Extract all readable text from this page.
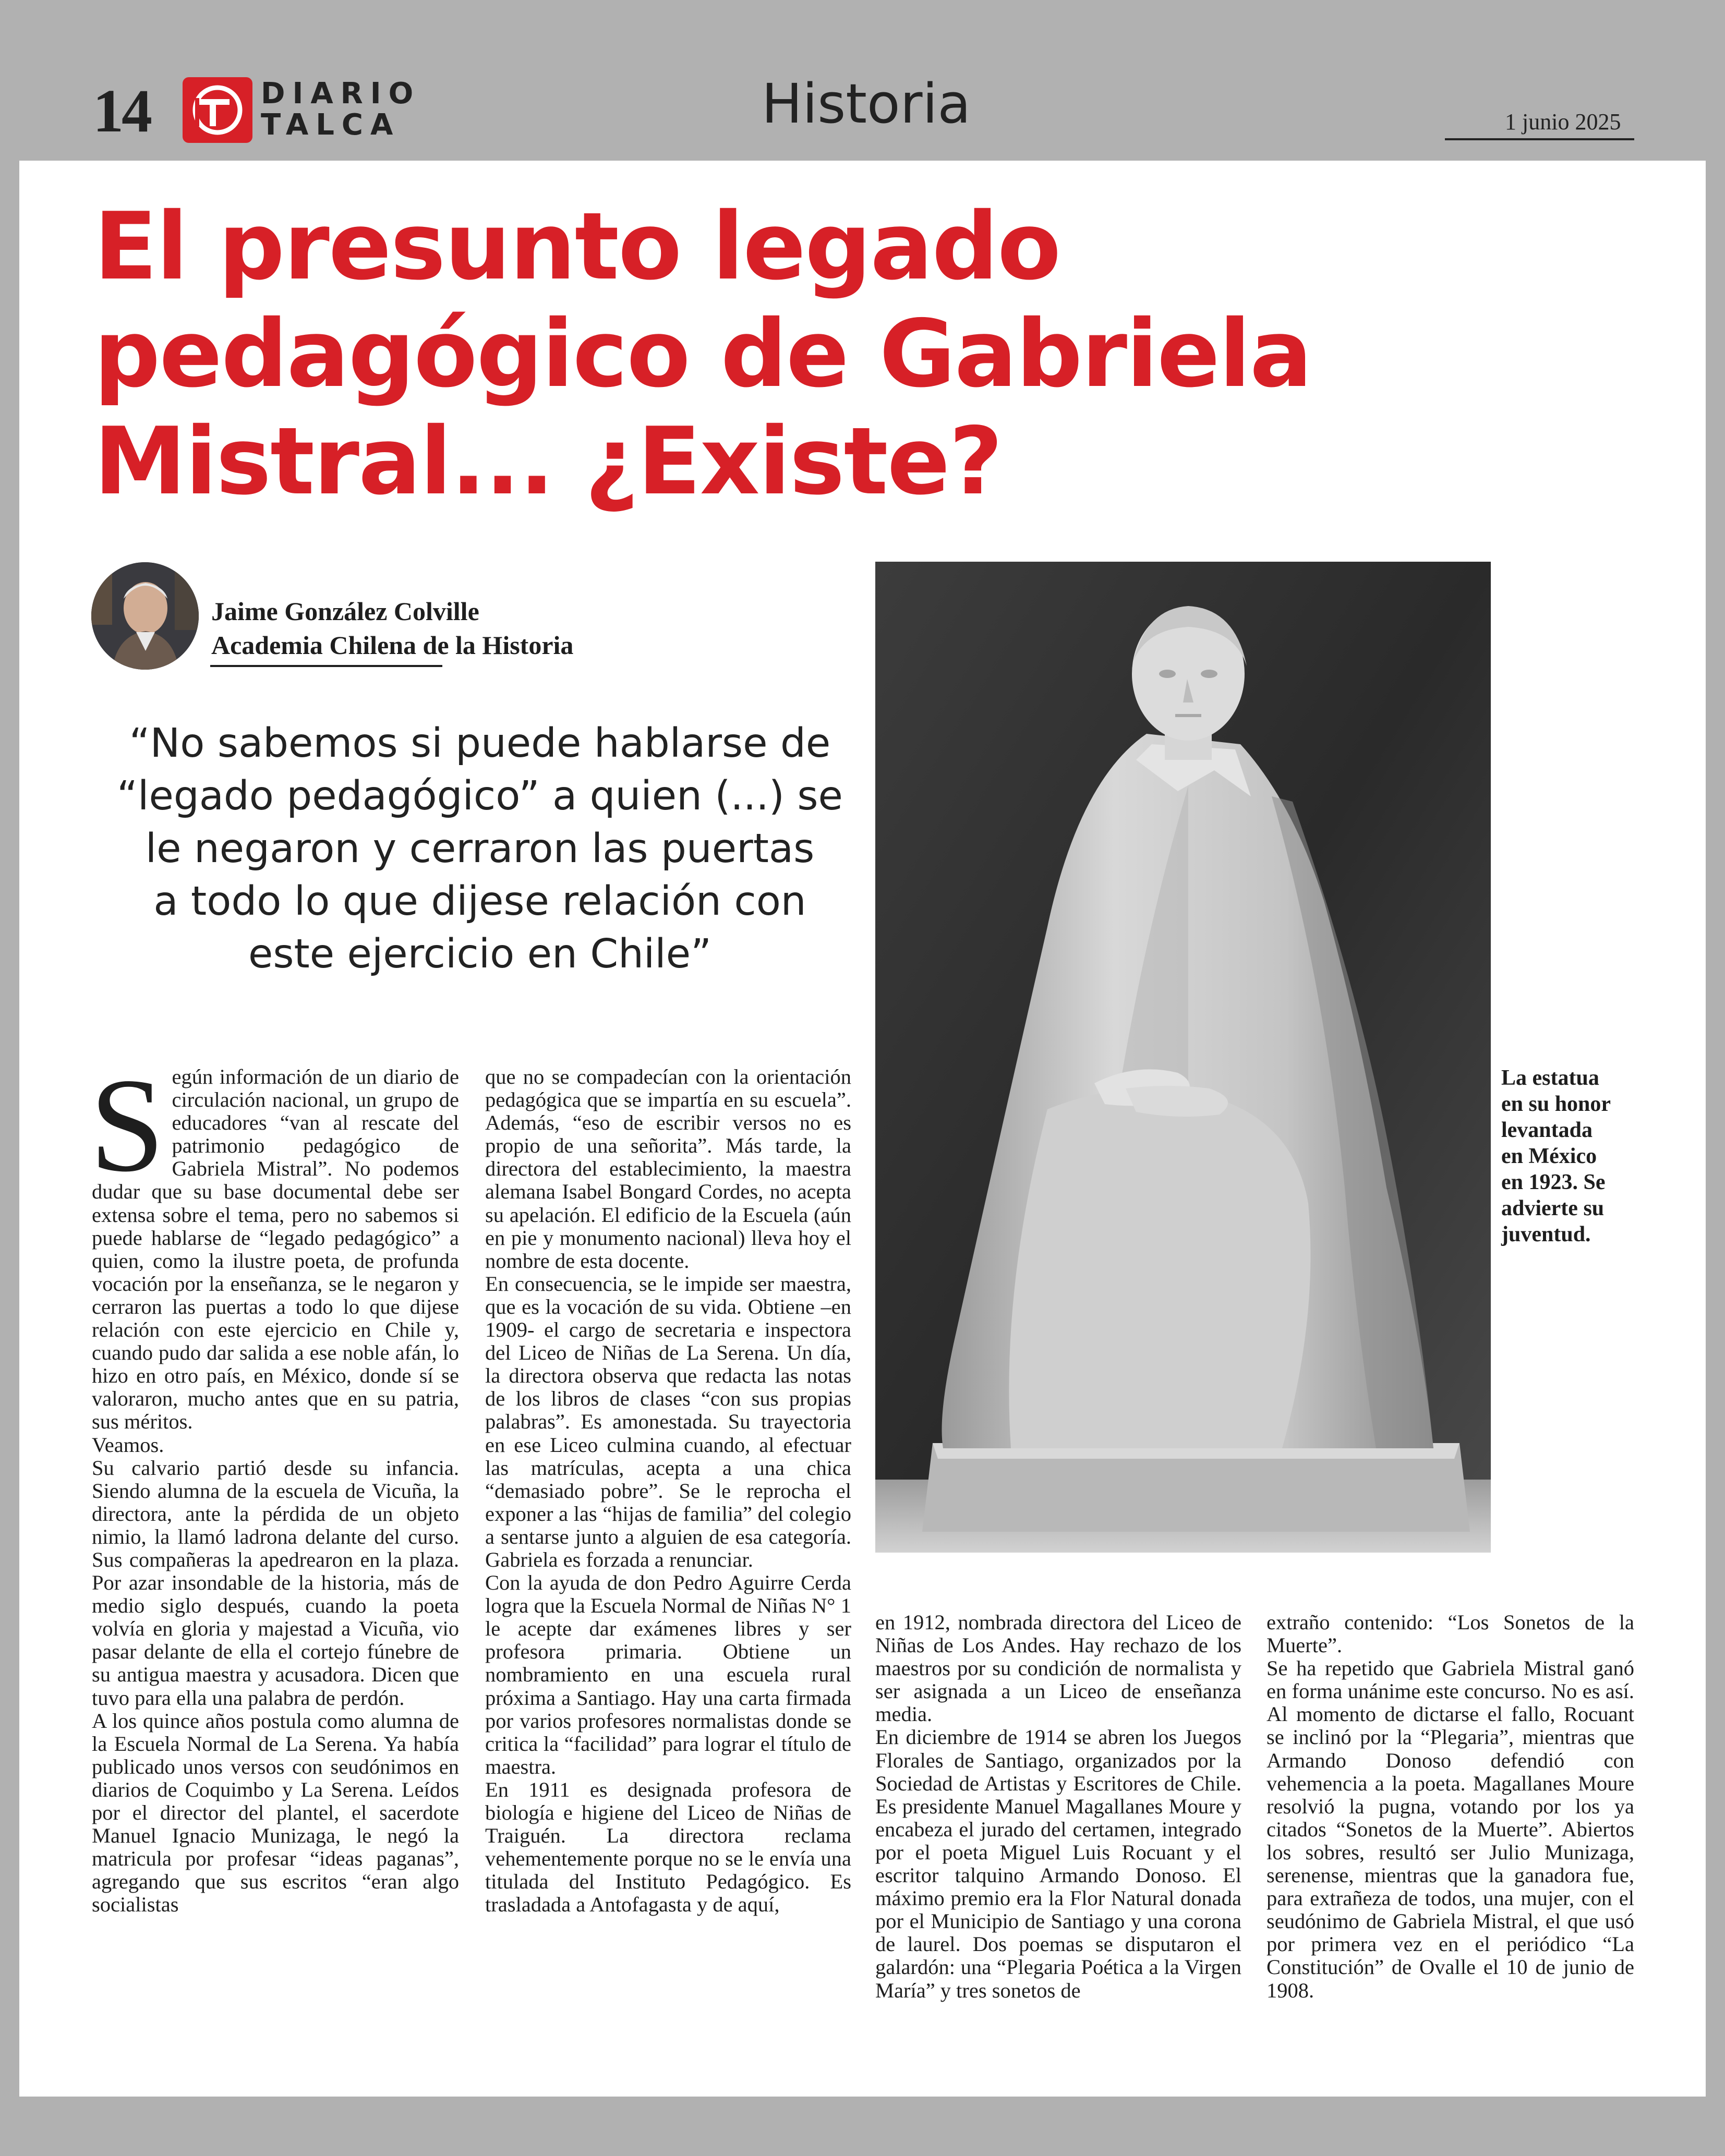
14	DIARIO
TALCA	Historia	1 junio 2025
El presunto legado
pedagógico de Gabriela
Mistral... ¿Existe?
Jaime González Colville
Academia Chilena de la Historia
“No sabemos si puede hablarse de
“legado pedagógico” a quien (...) se
le negaron y cerraron las puertas
a todo lo que dijese relación con
este ejercicio en Chile”
La estatua
en su honor
levantada
en México
en 1923. Se
advierte su
juventud.
S egún información de un diario de circulación nacional, un grupo de educadores “van al rescate del patrimonio pedagógico de Gabriela Mistral”. No podemos dudar que su base documental debe ser extensa sobre el tema, pero no sabemos si puede hablarse de “legado pedagógico” a quien, como la ilustre poeta, de profunda vocación por la enseñanza, se le negaron y cerraron las puertas a todo lo que dijese relación con este ejercicio en Chile y, cuando pudo dar salida a ese noble afán, lo hizo en otro país, en México, donde sí se valoraron, mucho antes que en su patria, sus méritos.

Veamos.

Su calvario partió desde su infancia. Siendo alumna de la escuela de Vicuña, la directora, ante la pérdida de un objeto nimio, la llamó ladrona delante del curso. Sus compañeras la apedrearon en la plaza. Por azar insondable de la historia, más de medio siglo después, cuando la poeta volvía en gloria y majestad a Vicuña, vio pasar delante de ella el cortejo fúnebre de su antigua maestra y acusadora. Dicen que tuvo para ella una palabra de perdón.

A los quince años postula como alumna de la Escuela Normal de La Serena. Ya había publicado unos versos con seudónimos en diarios de Coquimbo y La Serena. Leídos por el director del plantel, el sacerdote Manuel Ignacio Munizaga, le negó la matricula por profesar “ideas paganas”, agregando que sus escritos “eran algo socialistas

que no se compadecían con la orientación pedagógica que se impartía en su escuela”. Además, “eso de escribir versos no es propio de una señorita”. Más tarde, la directora del establecimiento, la maestra alemana Isabel Bongard Cordes, no acepta su apelación. El edificio de la Escuela (aún en pie y monumento nacional) lleva hoy el nombre de esta docente.

En consecuencia, se le impide ser maestra, que es la vocación de su vida. Obtiene –en 1909- el cargo de secretaria e inspectora del Liceo de Niñas de La Serena. Un día, la directora observa que redacta las notas de los libros de clases “con sus propias palabras”. Es amonestada. Su trayectoria en ese Liceo culmina cuando, al efectuar las matrículas, acepta a una chica “demasiado pobre”. Se le reprocha el exponer a las “hijas de familia” del colegio a sentarse junto a alguien de esa categoría. Gabriela es forzada a renunciar.

Con la ayuda de don Pedro Aguirre Cerda logra que la Escuela Normal de Niñas N° 1 le acepte dar exámenes libres y ser profesora primaria. Obtiene un nombramiento en una escuela rural próxima a Santiago. Hay una carta firmada por varios profesores normalistas donde se critica la “facilidad” para lograr el título de maestra.

En 1911 es designada profesora de biología e higiene del Liceo de Niñas de Traiguén. La directora reclama vehementemente porque no se le envía una titulada del Instituto Pedagógico. Es trasladada a Antofagasta y de aquí,

en 1912, nombrada directora del Liceo de Niñas de Los Andes. Hay rechazo de los maestros por su condición de normalista y ser asignada a un Liceo de enseñanza media.

En diciembre de 1914 se abren los Juegos Florales de Santiago, organizados por la Sociedad de Artistas y Escritores de Chile. Es presidente Manuel Magallanes Moure y encabeza el jurado del certamen, integrado por el poeta Miguel Luis Rocuant y el escritor talquino Armando Donoso. El máximo premio era la Flor Natural donada por el Municipio de Santiago y una corona de laurel. Dos poemas se disputaron el galardón: una “Plegaria Poética a la Virgen María” y tres sonetos de

extraño contenido: “Los Sonetos de la Muerte”.

Se ha repetido que Gabriela Mistral ganó en forma unánime este concurso. No es así. Al momento de dictarse el fallo, Rocuant se inclinó por la “Plegaria”, mientras que Armando Donoso defendió con vehemencia a la poeta. Magallanes Moure resolvió la pugna, votando por los ya citados “Sonetos de la Muerte”. Abiertos los sobres, resultó ser Julio Munizaga, serenense, mientras que la ganadora fue, para extrañeza de todos, una mujer, con el seudónimo de Gabriela Mistral, el que usó por primera vez en el periódico “La Constitución” de Ovalle el 10 de junio de 1908.
